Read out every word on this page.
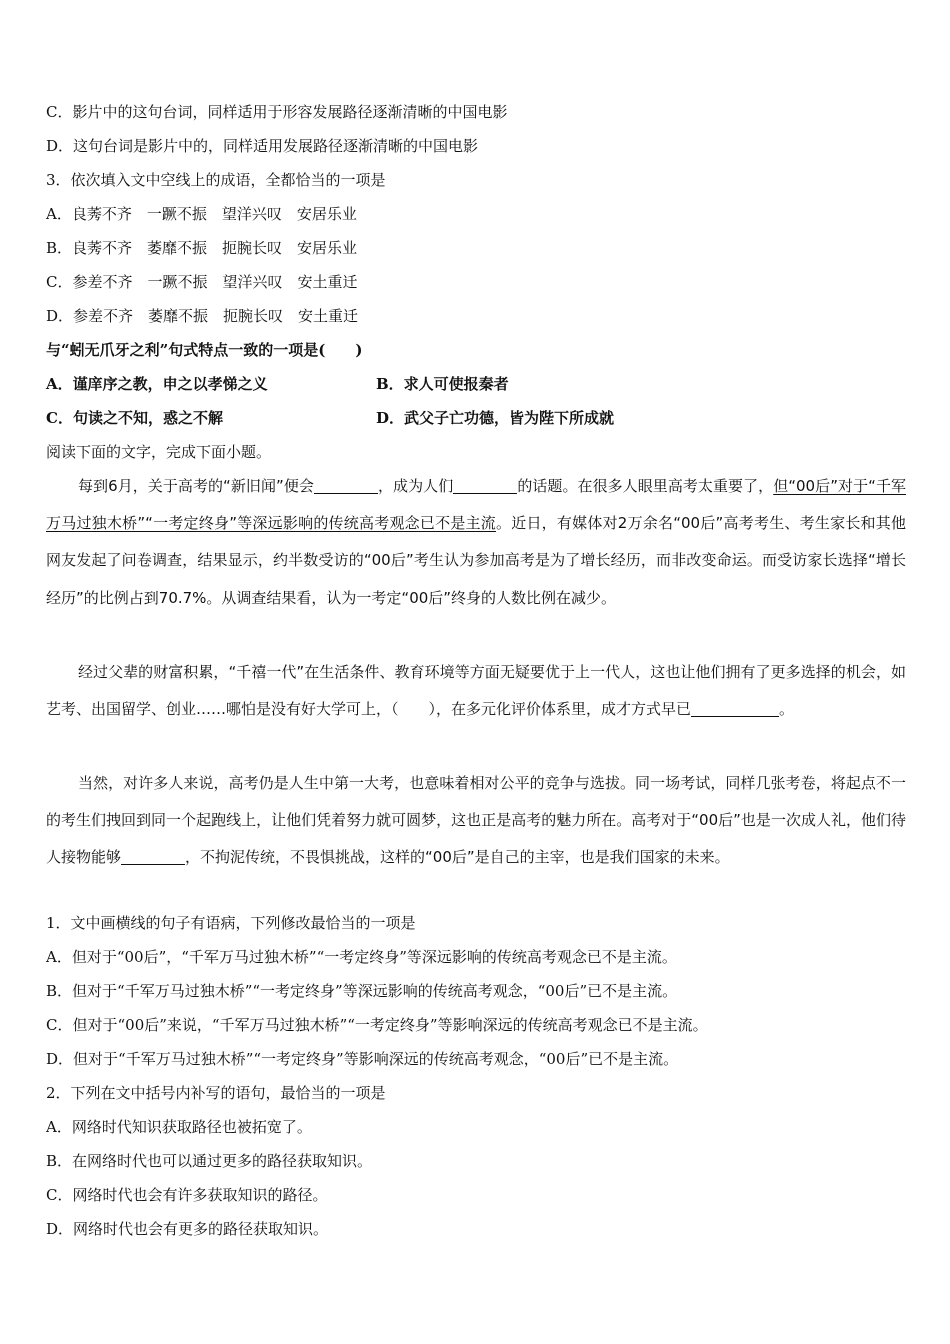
C．影片中的这句台词，同样适用于形容发展路径逐渐清晰的中国电影
D．这句台词是影片中的，同样适用发展路径逐渐清晰的中国电影
3．依次填入文中空线上的成语，全都恰当的一项是
A．良莠不齐　一蹶不振　望洋兴叹　安居乐业
B．良莠不齐　萎靡不振　扼腕长叹　安居乐业
C．参差不齐　一蹶不振　望洋兴叹　安土重迁
D．参差不齐　萎靡不振　扼腕长叹　安土重迁
与“蚓无爪牙之利”句式特点一致的一项是(　　)
A．谨庠序之教，申之以孝悌之义	B．求人可使报秦者
C．句读之不知，惑之不解	D．武父子亡功德，皆为陛下所成就
阅读下面的文字，完成下面小题。
每到6月，关于高考的“新旧闻”便会	，成为人们	的话题。在很多人眼里高考太重要了，但“00后”对于“千军万马过独木桥”“一考定终身”等深远影响的传统高考观念已不是主流。近日，有媒体对2万余名“00后”高考考生、考生家长和其他网友发起了问卷调查，结果显示，约半数受访的“00后”考生认为参加高考是为了增长经历，而非改变命运。而受访家长选择“增长经历”的比例占到70.7%。从调查结果看，认为一考定“00后”终身的人数比例在减少。
经过父辈的财富积累，“千禧一代”在生活条件、教育环境等方面无疑要优于上一代人，这也让他们拥有了更多选择的机会，如艺考、出国留学、创业……哪怕是没有好大学可上，（　　），在多元化评价体系里，成才方式早已	。
当然，对许多人来说，高考仍是人生中第一大考，也意味着相对公平的竞争与选拔。同一场考试，同样几张考卷，将起点不一的考生们拽回到同一个起跑线上，让他们凭着努力就可圆梦，这也正是高考的魅力所在。高考对于“00后”也是一次成人礼，他们待人接物能够	，不拘泥传统，不畏惧挑战，这样的“00后”是自己的主宰，也是我们国家的未来。
1．文中画横线的句子有语病，下列修改最恰当的一项是
A．但对于“00后”，“千军万马过独木桥”“一考定终身”等深远影响的传统高考观念已不是主流。
B．但对于“千军万马过独木桥”“一考定终身”等深远影响的传统高考观念，“00后”已不是主流。
C．但对于“00后”来说，“千军万马过独木桥”“一考定终身”等影响深远的传统高考观念已不是主流。
D．但对于“千军万马过独木桥”“一考定终身”等影响深远的传统高考观念，“00后”已不是主流。
2．下列在文中括号内补写的语句，最恰当的一项是
A．网络时代知识获取路径也被拓宽了。
B．在网络时代也可以通过更多的路径获取知识。
C．网络时代也会有许多获取知识的路径。
D．网络时代也会有更多的路径获取知识。
